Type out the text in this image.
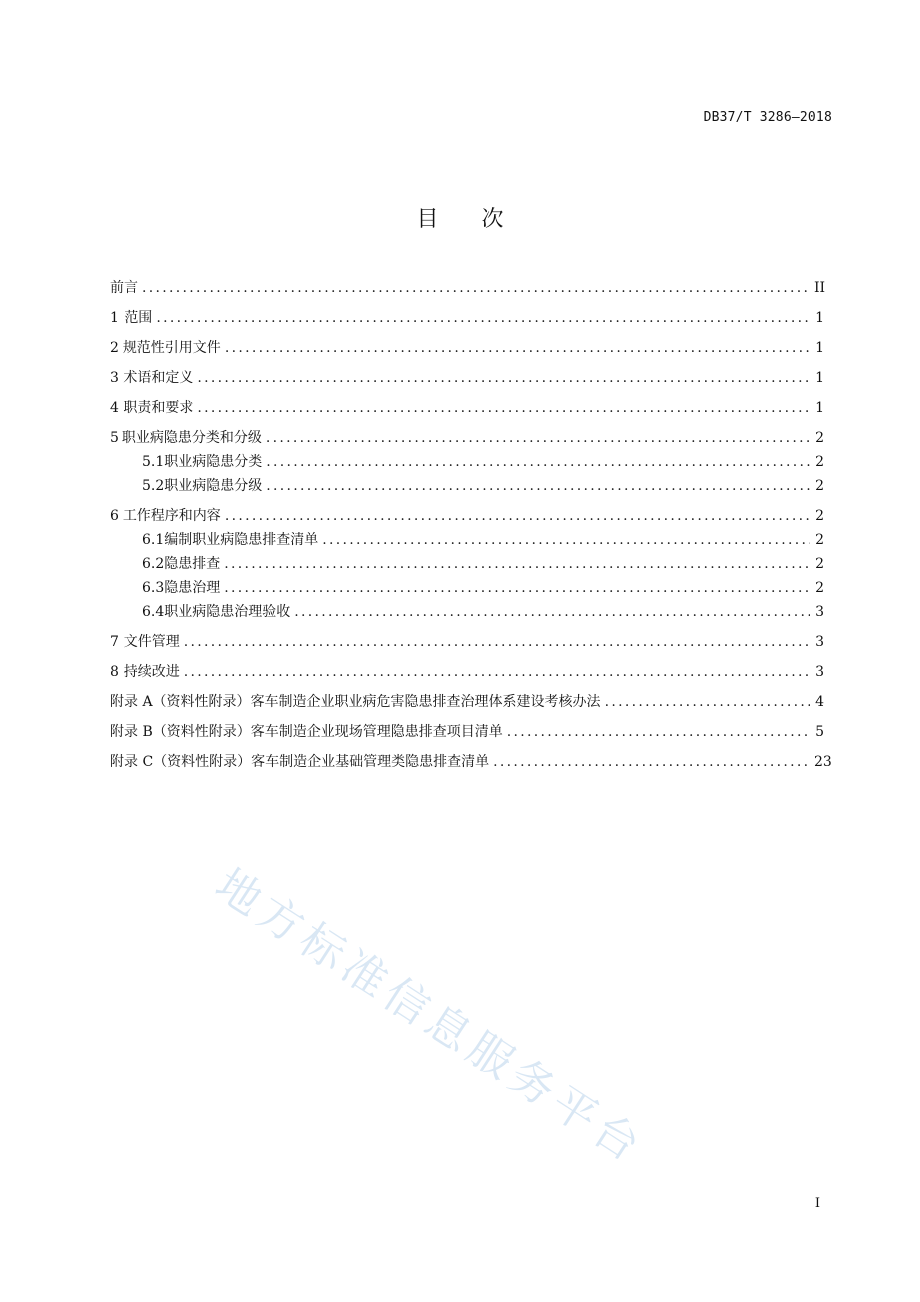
DB37/T 3286—2018
目 次
前言 .....	II
1 范围 .....	1
2 规范性引用文件 .....	1
3 术语和定义 .....	1
4 职责和要求 .....	1
5 职业病隐患分类和分级 .....	2
5.1 职业病隐患分类 .....	2
5.2 职业病隐患分级 .....	2
6 工作程序和内容 .....	2
6.1 编制职业病隐患排查清单 .....	2
6.2 隐患排查 .....	2
6.3 隐患治理 .....	2
6.4 职业病隐患治理验收 .....	3
7 文件管理 .....	3
8 持续改进 .....	3
附录 A（资料性附录） 客车制造企业职业病危害隐患排查治理体系建设考核办法 .....	4
附录 B（资料性附录） 客车制造企业现场管理隐患排查项目清单 .....	5
附录 C（资料性附录） 客车制造企业基础管理类隐患排查清单 .....	23
地方标准信息服务平台
I
